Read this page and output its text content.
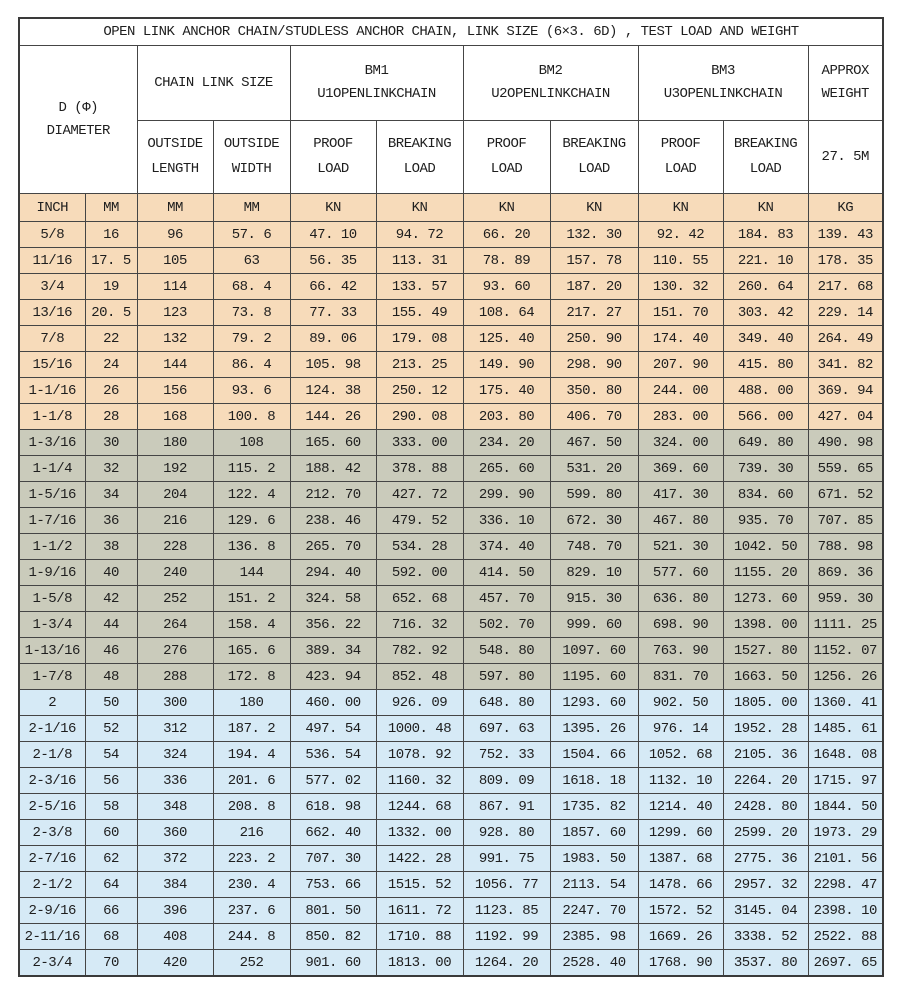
OPEN LINK ANCHOR CHAIN/STUDLESS ANCHOR CHAIN, LINK SIZE (6×3. 6D) , TEST LOAD AND WEIGHT										

D (Φ)
DIAMETER

CHAIN LINK SIZE

BM1
U1OPENLINKCHAIN

BM2
U2OPENLINKCHAIN

BM3
U3OPENLINKCHAIN

APPROX
WEIGHT

OUTSIDE
LENGTH

OUTSIDE
WIDTH

PROOF
LOAD

BREAKING
LOAD

PROOF
LOAD

BREAKING
LOAD

PROOF
LOAD

BREAKING
LOAD

27. 5M

INCH	MM	MM	MM	KN	KN	KN	KN	KN	KN	KG
5/8	16	96	57. 6	47. 10	94. 72	66. 20	132. 30	92. 42	184. 83	139. 43
11/16	17. 5	105	63	56. 35	113. 31	78. 89	157. 78	110. 55	221. 10	178. 35
3/4	19	114	68. 4	66. 42	133. 57	93. 60	187. 20	130. 32	260. 64	217. 68
13/16	20. 5	123	73. 8	77. 33	155. 49	108. 64	217. 27	151. 70	303. 42	229. 14
7/8	22	132	79. 2	89. 06	179. 08	125. 40	250. 90	174. 40	349. 40	264. 49
15/16	24	144	86. 4	105. 98	213. 25	149. 90	298. 90	207. 90	415. 80	341. 82
1-1/16	26	156	93. 6	124. 38	250. 12	175. 40	350. 80	244. 00	488. 00	369. 94
1-1/8	28	168	100. 8	144. 26	290. 08	203. 80	406. 70	283. 00	566. 00	427. 04
1-3/16	30	180	108	165. 60	333. 00	234. 20	467. 50	324. 00	649. 80	490. 98
1-1/4	32	192	115. 2	188. 42	378. 88	265. 60	531. 20	369. 60	739. 30	559. 65
1-5/16	34	204	122. 4	212. 70	427. 72	299. 90	599. 80	417. 30	834. 60	671. 52
1-7/16	36	216	129. 6	238. 46	479. 52	336. 10	672. 30	467. 80	935. 70	707. 85
1-1/2	38	228	136. 8	265. 70	534. 28	374. 40	748. 70	521. 30	1042. 50	788. 98
1-9/16	40	240	144	294. 40	592. 00	414. 50	829. 10	577. 60	1155. 20	869. 36
1-5/8	42	252	151. 2	324. 58	652. 68	457. 70	915. 30	636. 80	1273. 60	959. 30
1-3/4	44	264	158. 4	356. 22	716. 32	502. 70	999. 60	698. 90	1398. 00	1111. 25
1-13/16	46	276	165. 6	389. 34	782. 92	548. 80	1097. 60	763. 90	1527. 80	1152. 07
1-7/8	48	288	172. 8	423. 94	852. 48	597. 80	1195. 60	831. 70	1663. 50	1256. 26
2	50	300	180	460. 00	926. 09	648. 80	1293. 60	902. 50	1805. 00	1360. 41
2-1/16	52	312	187. 2	497. 54	1000. 48	697. 63	1395. 26	976. 14	1952. 28	1485. 61
2-1/8	54	324	194. 4	536. 54	1078. 92	752. 33	1504. 66	1052. 68	2105. 36	1648. 08
2-3/16	56	336	201. 6	577. 02	1160. 32	809. 09	1618. 18	1132. 10	2264. 20	1715. 97
2-5/16	58	348	208. 8	618. 98	1244. 68	867. 91	1735. 82	1214. 40	2428. 80	1844. 50
2-3/8	60	360	216	662. 40	1332. 00	928. 80	1857. 60	1299. 60	2599. 20	1973. 29
2-7/16	62	372	223. 2	707. 30	1422. 28	991. 75	1983. 50	1387. 68	2775. 36	2101. 56
2-1/2	64	384	230. 4	753. 66	1515. 52	1056. 77	2113. 54	1478. 66	2957. 32	2298. 47
2-9/16	66	396	237. 6	801. 50	1611. 72	1123. 85	2247. 70	1572. 52	3145. 04	2398. 10
2-11/16	68	408	244. 8	850. 82	1710. 88	1192. 99	2385. 98	1669. 26	3338. 52	2522. 88
2-3/4	70	420	252	901. 60	1813. 00	1264. 20	2528. 40	1768. 90	3537. 80	2697. 65
